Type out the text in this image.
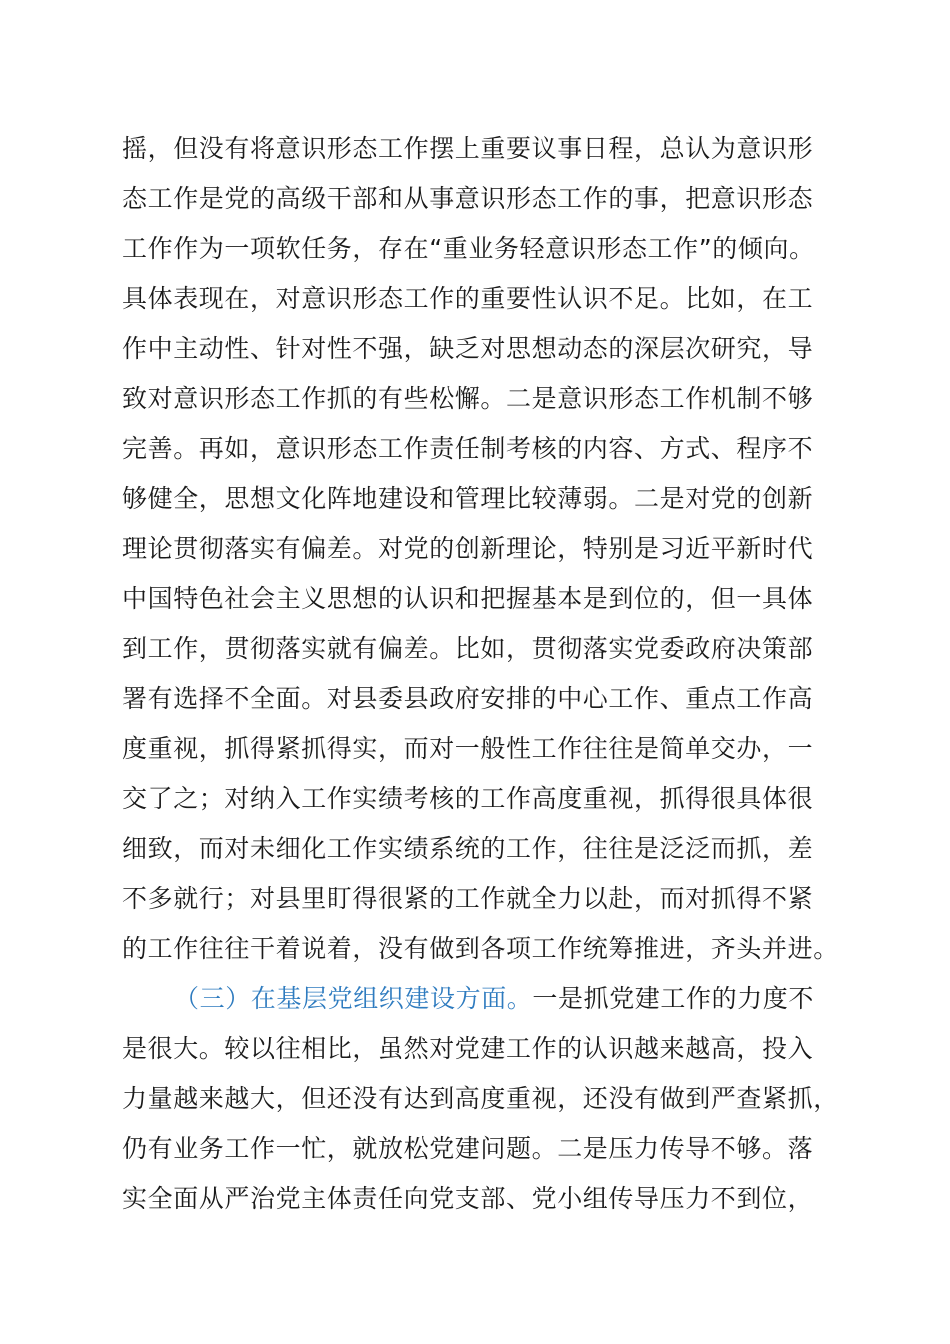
摇，但没有将意识形态工作摆上重要议事日程，总认为意识形
态工作是党的高级干部和从事意识形态工作的事，把意识形态
工作作为一项软任务，存在“重业务轻意识形态工作”的倾向。
具体表现在，对意识形态工作的重要性认识不足。比如，在工
作中主动性、针对性不强，缺乏对思想动态的深层次研究，导
致对意识形态工作抓的有些松懈。二是意识形态工作机制不够
完善。再如，意识形态工作责任制考核的内容、方式、程序不
够健全，思想文化阵地建设和管理比较薄弱。二是对党的创新
理论贯彻落实有偏差。对党的创新理论，特别是习近平新时代
中国特色社会主义思想的认识和把握基本是到位的，但一具体
到工作，贯彻落实就有偏差。比如，贯彻落实党委政府决策部
署有选择不全面。对县委县政府安排的中心工作、重点工作高
度重视，抓得紧抓得实，而对一般性工作往往是简单交办，一
交了之；对纳入工作实绩考核的工作高度重视，抓得很具体很
细致，而对未细化工作实绩系统的工作，往往是泛泛而抓，差
不多就行；对县里盯得很紧的工作就全力以赴，而对抓得不紧
的工作往往干着说着，没有做到各项工作统筹推进，齐头并进。
（三）在基层党组织建设方面。一是抓党建工作的力度不
是很大。较以往相比，虽然对党建工作的认识越来越高，投入
力量越来越大，但还没有达到高度重视，还没有做到严查紧抓，
仍有业务工作一忙，就放松党建问题。二是压力传导不够。落
实全面从严治党主体责任向党支部、党小组传导压力不到位，
